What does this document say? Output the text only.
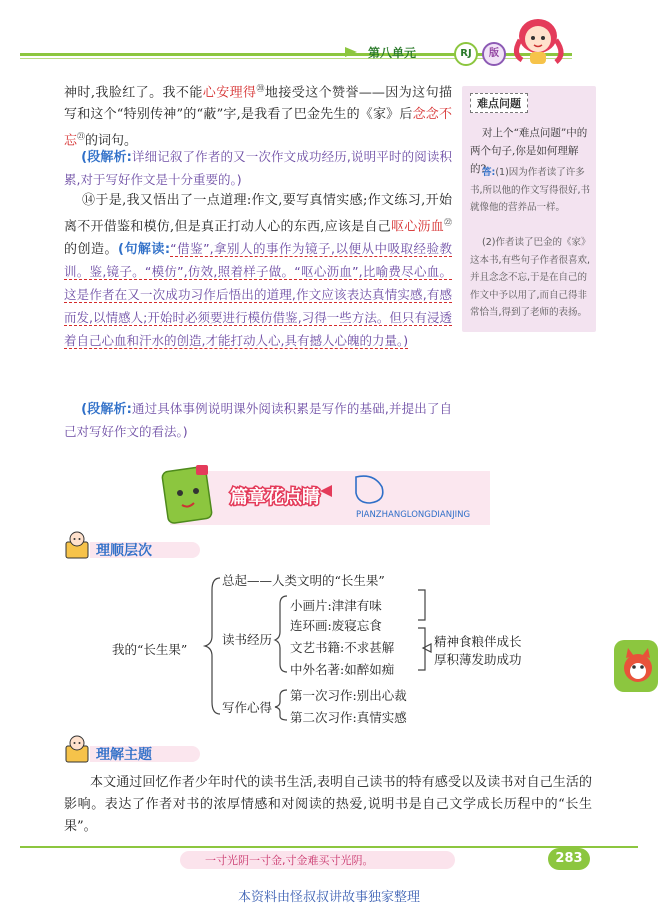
第八单元	RJ	版

神时,我脸红了。我不能心安理得⑳地接受这个赞誉——因为这句描写和这个“特别传神”的“蔽”字,是我看了巴金先生的《家》后念念不忘$^㉑$的词句。

(段解析:详细记叙了作者的又一次作文成功经历,说明平时的阅读积累,对于写好作文是十分重要的。)

⑭于是,我又悟出了一点道理:作文,要写真情实感;作文练习,开始离不开借鉴和模仿,但是真正打动人心的东西,应该是自己呕心沥血$^㉒$的创造。(句解读:“借鉴”,拿别人的事作为镜子,以便从中吸取经验教训。鉴,镜子。“模仿”,仿效,照着样子做。“呕心沥血”,比喻费尽心血。这是作者在又一次成功习作后悟出的道理,作文应该表达真情实感,有感而发,以情感人;开始时必须要进行模仿借鉴,习得一些方法。但只有浸透着自己心血和汗水的创造,才能打动人心,具有撼人心魄的力量。)

(段解析:通过具体事例说明课外阅读积累是写作的基础,并提出了自己对写好作文的看法。)

难点问题
对上个“难点问题”中的两个句子,你是如何理解的?
答:(1)因为作者读了许多书,所以他的作文写得很好,书就像他的营养品一样。
(2)作者读了巴金的《家》这本书,有些句子作者很喜欢,并且念念不忘,于是在自己的作文中予以用了,而自己得非常恰当,得到了老师的表扬。
篇章花点睛
PIANZHANGLONGDIANJING
理顺层次
我的“长生果”
总起——人类文明的“长生果”
读书经历
小画片:津津有味
连环画:废寝忘食
文艺书籍:不求甚解
中外名著:如醉如痴
精神食粮伴成长
厚积薄发助成功
写作心得
第一次习作:别出心裁
第二次习作:真情实感
理解主题
本文通过回忆作者少年时代的读书生活,表明自己读书的特有感受以及读书对自己生活的影响。表达了作者对书的浓厚情感和对阅读的热爱,说明书是自己文学成长历程中的“长生果”。
一寸光阴一寸金,寸金难买寸光阴。	283
本资料由怪叔叔讲故事独家整理
